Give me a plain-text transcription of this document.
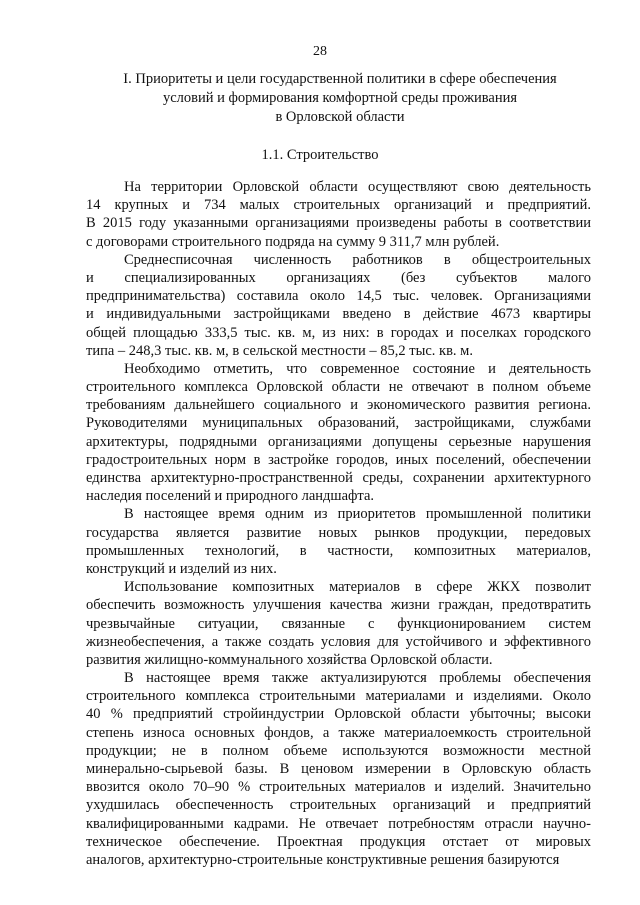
28
I. Приоритеты и цели государственной политики в сфере обеспечения
условий и формирования комфортной среды проживания
в Орловской области
1.1. Строительство
На территории Орловской области осуществляют свою деятельность
14 крупных и 734 малых строительных организаций и предприятий.
В 2015 году указанными организациями произведены работы в соответствии
с договорами строительного подряда на сумму 9 311,7 млн рублей.
Среднесписочная численность работников в общестроительных
и специализированных организациях (без субъектов малого
предпринимательства) составила около 14,5 тыс. человек. Организациями
и индивидуальными застройщиками введено в действие 4673 квартиры
общей площадью 333,5 тыс. кв. м, из них: в городах и поселках городского
типа – 248,3 тыс. кв. м, в сельской местности – 85,2 тыс. кв. м.
Необходимо отметить, что современное состояние и деятельность
строительного комплекса Орловской области не отвечают в полном объеме
требованиям дальнейшего социального и экономического развития региона.
Руководителями муниципальных образований, застройщиками, службами
архитектуры, подрядными организациями допущены серьезные нарушения
градостроительных норм в застройке городов, иных поселений, обеспечении
единства архитектурно-пространственной среды, сохранении архитектурного
наследия поселений и природного ландшафта.
В настоящее время одним из приоритетов промышленной политики
государства является развитие новых рынков продукции, передовых
промышленных технологий, в частности, композитных материалов,
конструкций и изделий из них.
Использование композитных материалов в сфере ЖКХ позволит
обеспечить возможность улучшения качества жизни граждан, предотвратить
чрезвычайные ситуации, связанные с функционированием систем
жизнеобеспечения, а также создать условия для устойчивого и эффективного
развития жилищно-коммунального хозяйства Орловской области.
В настоящее время также актуализируются проблемы обеспечения
строительного комплекса строительными материалами и изделиями. Около
40 % предприятий стройиндустрии Орловской области убыточны; высоки
степень износа основных фондов, а также материалоемкость строительной
продукции; не в полном объеме используются возможности местной
минерально-сырьевой базы. В ценовом измерении в Орловскую область
ввозится около 70–90 % строительных материалов и изделий. Значительно
ухудшилась обеспеченность строительных организаций и предприятий
квалифицированными кадрами. Не отвечает потребностям отрасли научно-
техническое обеспечение. Проектная продукция отстает от мировых
аналогов, архитектурно-строительные конструктивные решения базируются
